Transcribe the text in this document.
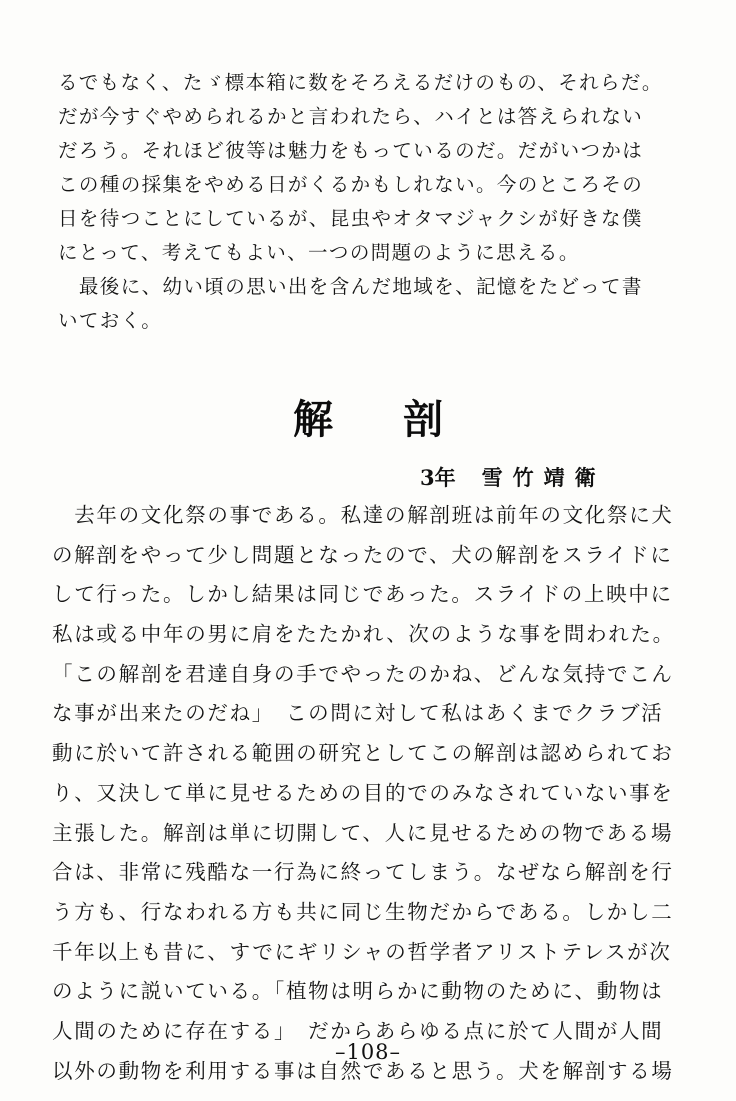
るでもなく、たゞ標本箱に数をそろえるだけのもの、それらだ。
だが今すぐやめられるかと言われたら、ハイとは答えられない
だろう。それほど彼等は魅力をもっているのだ。だがいつかは
この種の採集をやめる日がくるかもしれない。今のところその
日を待つことにしているが、昆虫やオタマジャクシが好きな僕
にとって、考えてもよい、一つの問題のように思える。
　最後に、幼い頃の思い出を含んだ地域を、記憶をたどって書
いておく。
解剖
3年 雪竹靖衛
　去年の文化祭の事である。私達の解剖班は前年の文化祭に犬
の解剖をやって少し問題となったので、犬の解剖をスライドに
して行った。しかし結果は同じであった。スライドの上映中に
私は或る中年の男に肩をたたかれ、次のような事を問われた。
「この解剖を君達自身の手でやったのかね、どんな気持でこん
な事が出来たのだね」　この問に対して私はあくまでクラブ活
動に於いて許される範囲の研究としてこの解剖は認められてお
り、又決して単に見せるための目的でのみなされていない事を
主張した。解剖は単に切開して、人に見せるための物である場
合は、非常に残酷な一行為に終ってしまう。なぜなら解剖を行
う方も、行なわれる方も共に同じ生物だからである。しかし二
千年以上も昔に、すでにギリシャの哲学者アリストテレスが次
のように説いている。「植物は明らかに動物のために、動物は
人間のために存在する」　だからあらゆる点に於て人間が人間
以外の動物を利用する事は自然であると思う。犬を解剖する場
–108–
